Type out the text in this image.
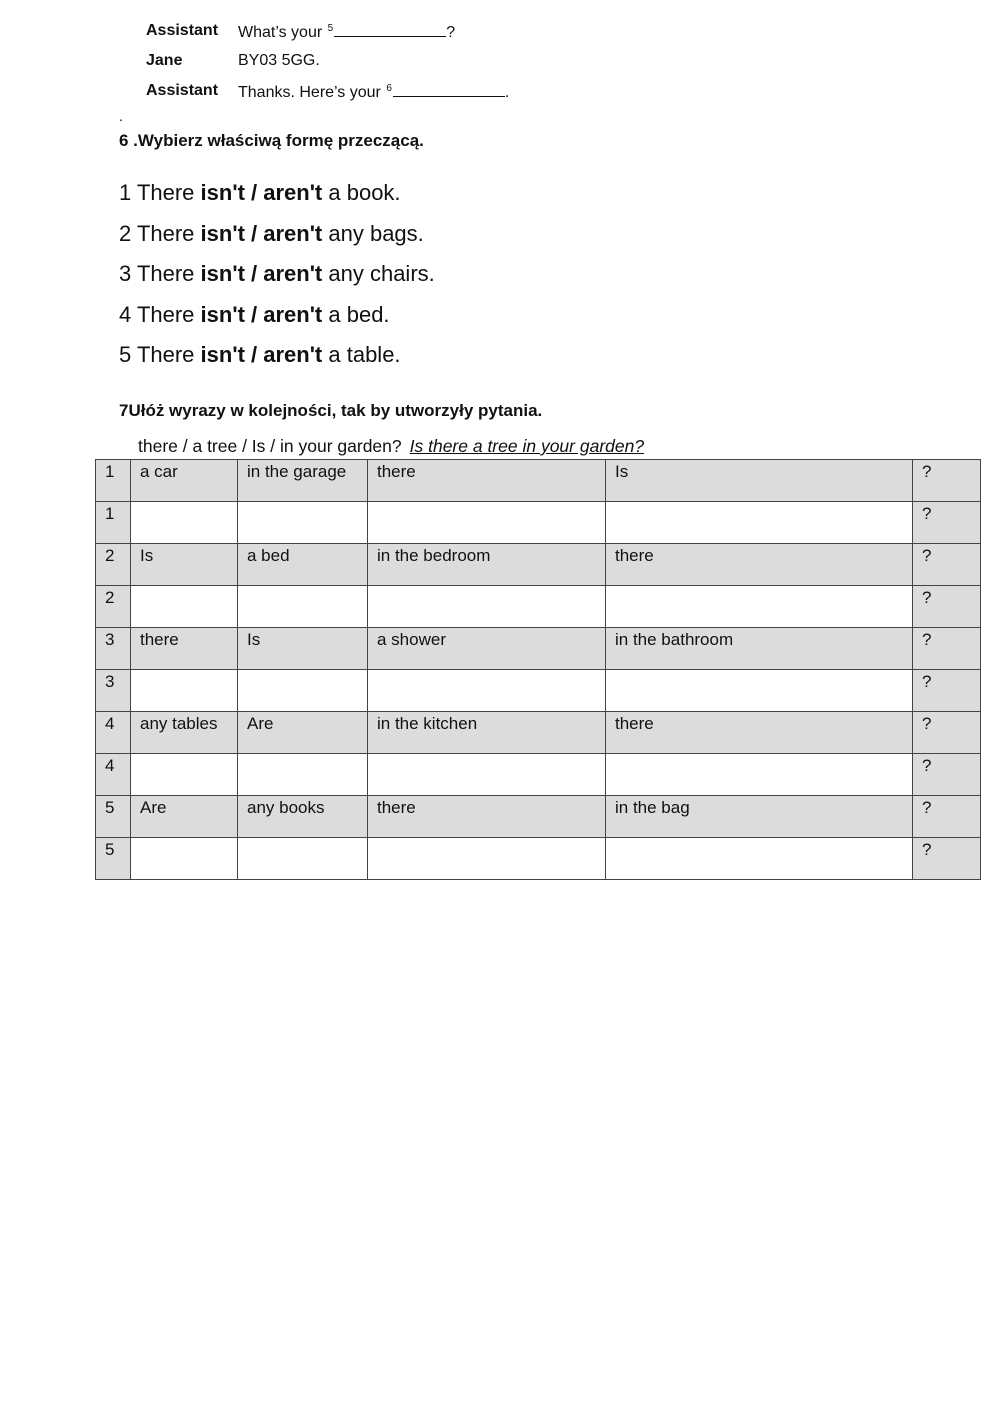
Assistant What’s your $^5$	?
Jane	BY03 5GG.
Assistant Thanks. Here’s your $^6$	.
.
6 .Wybierz właściwą formę przeczącą.
1 There isn't / aren't a book.
2 There isn't / aren't any bags.
3 There isn't / aren't any chairs.
4 There isn't / aren't a bed.
5 There isn't / aren't a table.
7Ułóż wyrazy w kolejności, tak by utworzyły pytania.
there / a tree / Is / in your garden? Is there a tree in your garden?
1	a car	in the garage	there	Is	?
1					?
2	Is	a bed	in the bedroom	there	?
2					?
3	there	Is	a shower	in the bathroom	?
3					?
4	any tables	Are	in the kitchen	there	?
4					?
5	Are	any books	there	in the bag	?
5					?
